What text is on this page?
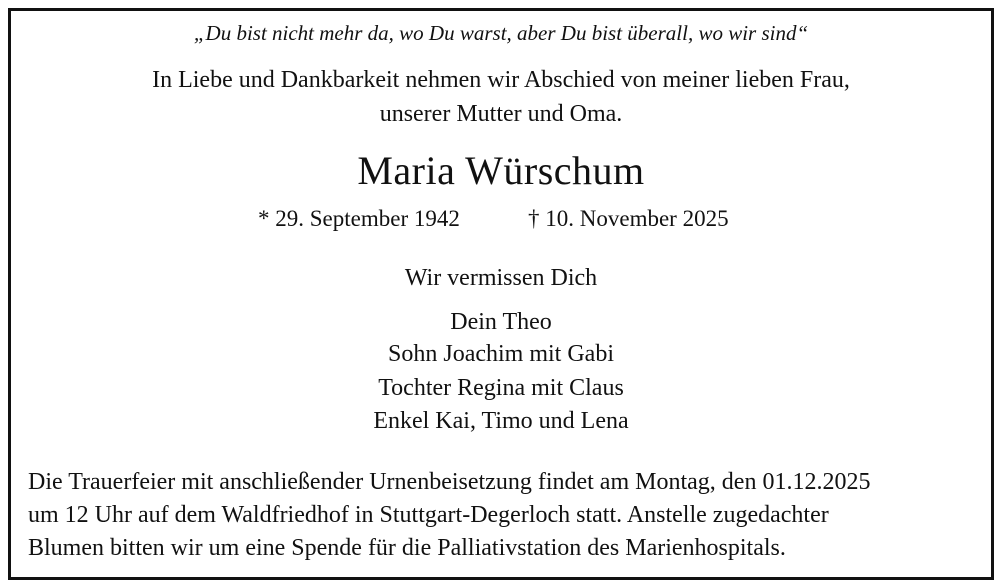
„Du bist nicht mehr da, wo Du warst, aber Du bist überall, wo wir sind“

In Liebe und Dankbarkeit nehmen wir Abschied von meiner lieben Frau,

unserer Mutter und Oma.

Maria Würschum
* 29. September 1942	† 10. November 2025

Wir vermissen Dich

Dein Theo

Sohn Joachim mit Gabi

Tochter Regina mit Claus

Enkel Kai, Timo und Lena

Die Trauerfeier mit anschließender Urnenbeisetzung findet am Montag, den 01.12.2025
um 12 Uhr auf dem Waldfriedhof in Stuttgart-Degerloch statt. Anstelle zugedachter
Blumen bitten wir um eine Spende für die Palliativstation des Marienhospitals.
